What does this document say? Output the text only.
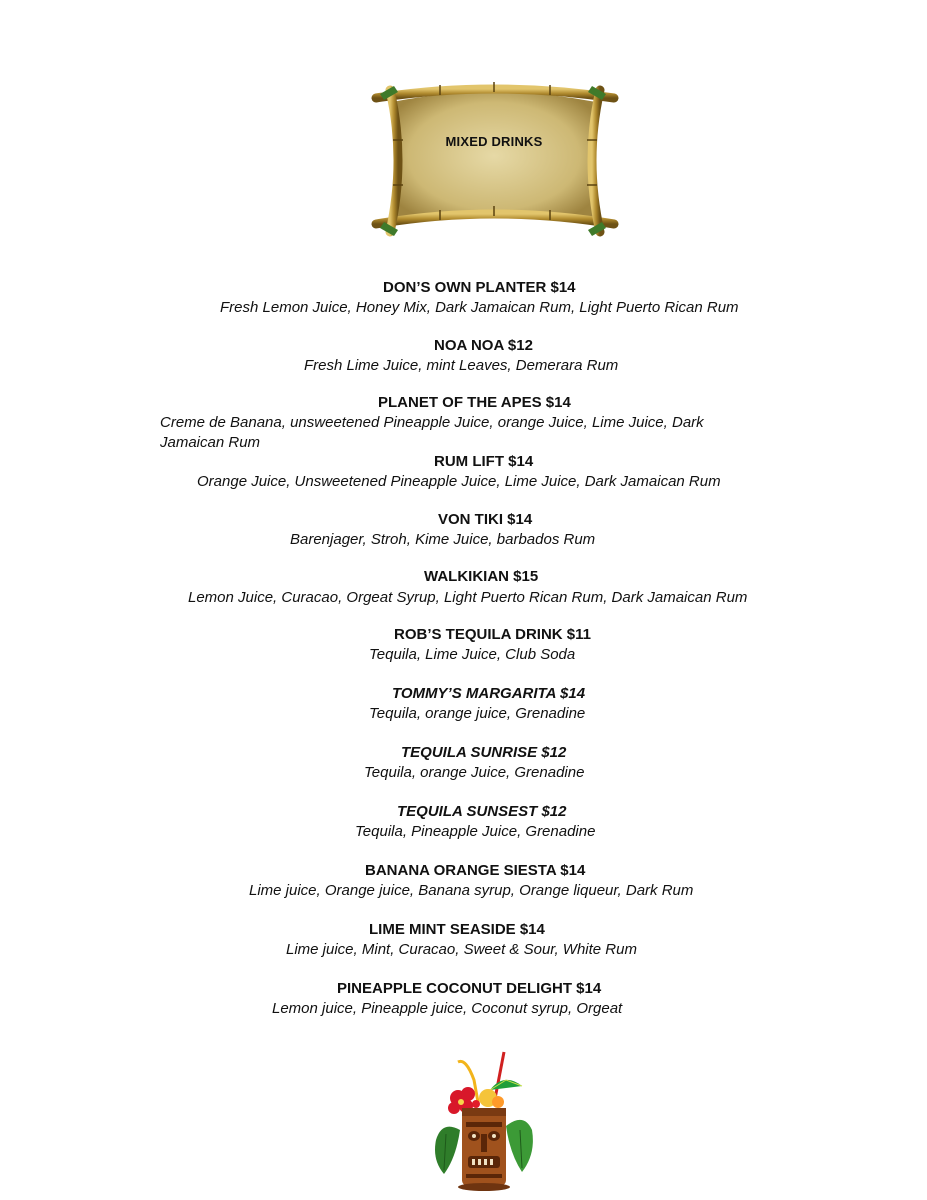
MIXED DRINKS
DON’S OWN PLANTER $14
Fresh Lemon Juice, Honey Mix, Dark Jamaican Rum, Light Puerto Rican Rum
NOA NOA $12
Fresh Lime Juice, mint Leaves, Demerara Rum
PLANET OF THE APES $14
Creme de Banana, unsweetened Pineapple Juice, orange Juice, Lime Juice, Dark
Jamaican Rum
RUM LIFT $14
Orange Juice, Unsweetened Pineapple Juice, Lime Juice, Dark Jamaican Rum
VON TIKI $14
Barenjager, Stroh, Kime Juice, barbados Rum
WALKIKIAN $15
Lemon Juice, Curacao, Orgeat Syrup, Light Puerto Rican Rum, Dark Jamaican Rum
ROB’S TEQUILA DRINK $11
Tequila, Lime Juice, Club Soda
TOMMY’S MARGARITA $14
Tequila, orange juice, Grenadine
TEQUILA SUNRISE $12
Tequila, orange Juice, Grenadine
TEQUILA SUNSEST $12
Tequila, Pineapple Juice, Grenadine
BANANA ORANGE SIESTA $14
Lime juice, Orange juice, Banana syrup, Orange liqueur, Dark Rum
LIME MINT SEASIDE $14
Lime juice, Mint, Curacao, Sweet & Sour, White Rum
PINEAPPLE COCONUT DELIGHT $14
Lemon juice, Pineapple juice, Coconut syrup, Orgeat
